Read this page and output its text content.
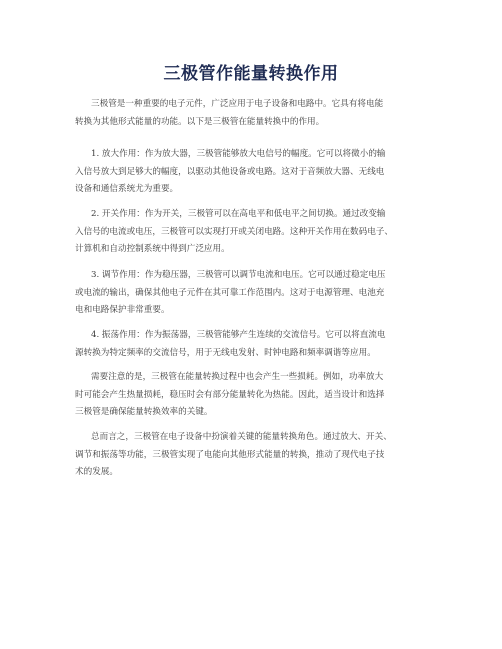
三极管作能量转换作用
三极管是一种重要的电子元件，广泛应用于电子设备和电路中。它具有将电能
转换为其他形式能量的功能。以下是三极管在能量转换中的作用。
1. 放大作用：作为放大器，三极管能够放大电信号的幅度。它可以将微小的输
入信号放大到足够大的幅度，以驱动其他设备或电路。这对于音频放大器、无线电
设备和通信系统尤为重要。
2. 开关作用：作为开关，三极管可以在高电平和低电平之间切换。通过改变输
入信号的电流或电压，三极管可以实现打开或关闭电路。这种开关作用在数码电子、
计算机和自动控制系统中得到广泛应用。
3. 调节作用：作为稳压器，三极管可以调节电流和电压。它可以通过稳定电压
或电流的输出，确保其他电子元件在其可靠工作范围内。这对于电源管理、电池充
电和电路保护非常重要。
4. 振荡作用：作为振荡器，三极管能够产生连续的交流信号。它可以将直流电
源转换为特定频率的交流信号，用于无线电发射、时钟电路和频率调谐等应用。
需要注意的是，三极管在能量转换过程中也会产生一些损耗。例如，功率放大
时可能会产生热量损耗，稳压时会有部分能量转化为热能。因此，适当设计和选择
三极管是确保能量转换效率的关键。
总而言之，三极管在电子设备中扮演着关键的能量转换角色。通过放大、开关、
调节和振荡等功能，三极管实现了电能向其他形式能量的转换，推动了现代电子技
术的发展。
